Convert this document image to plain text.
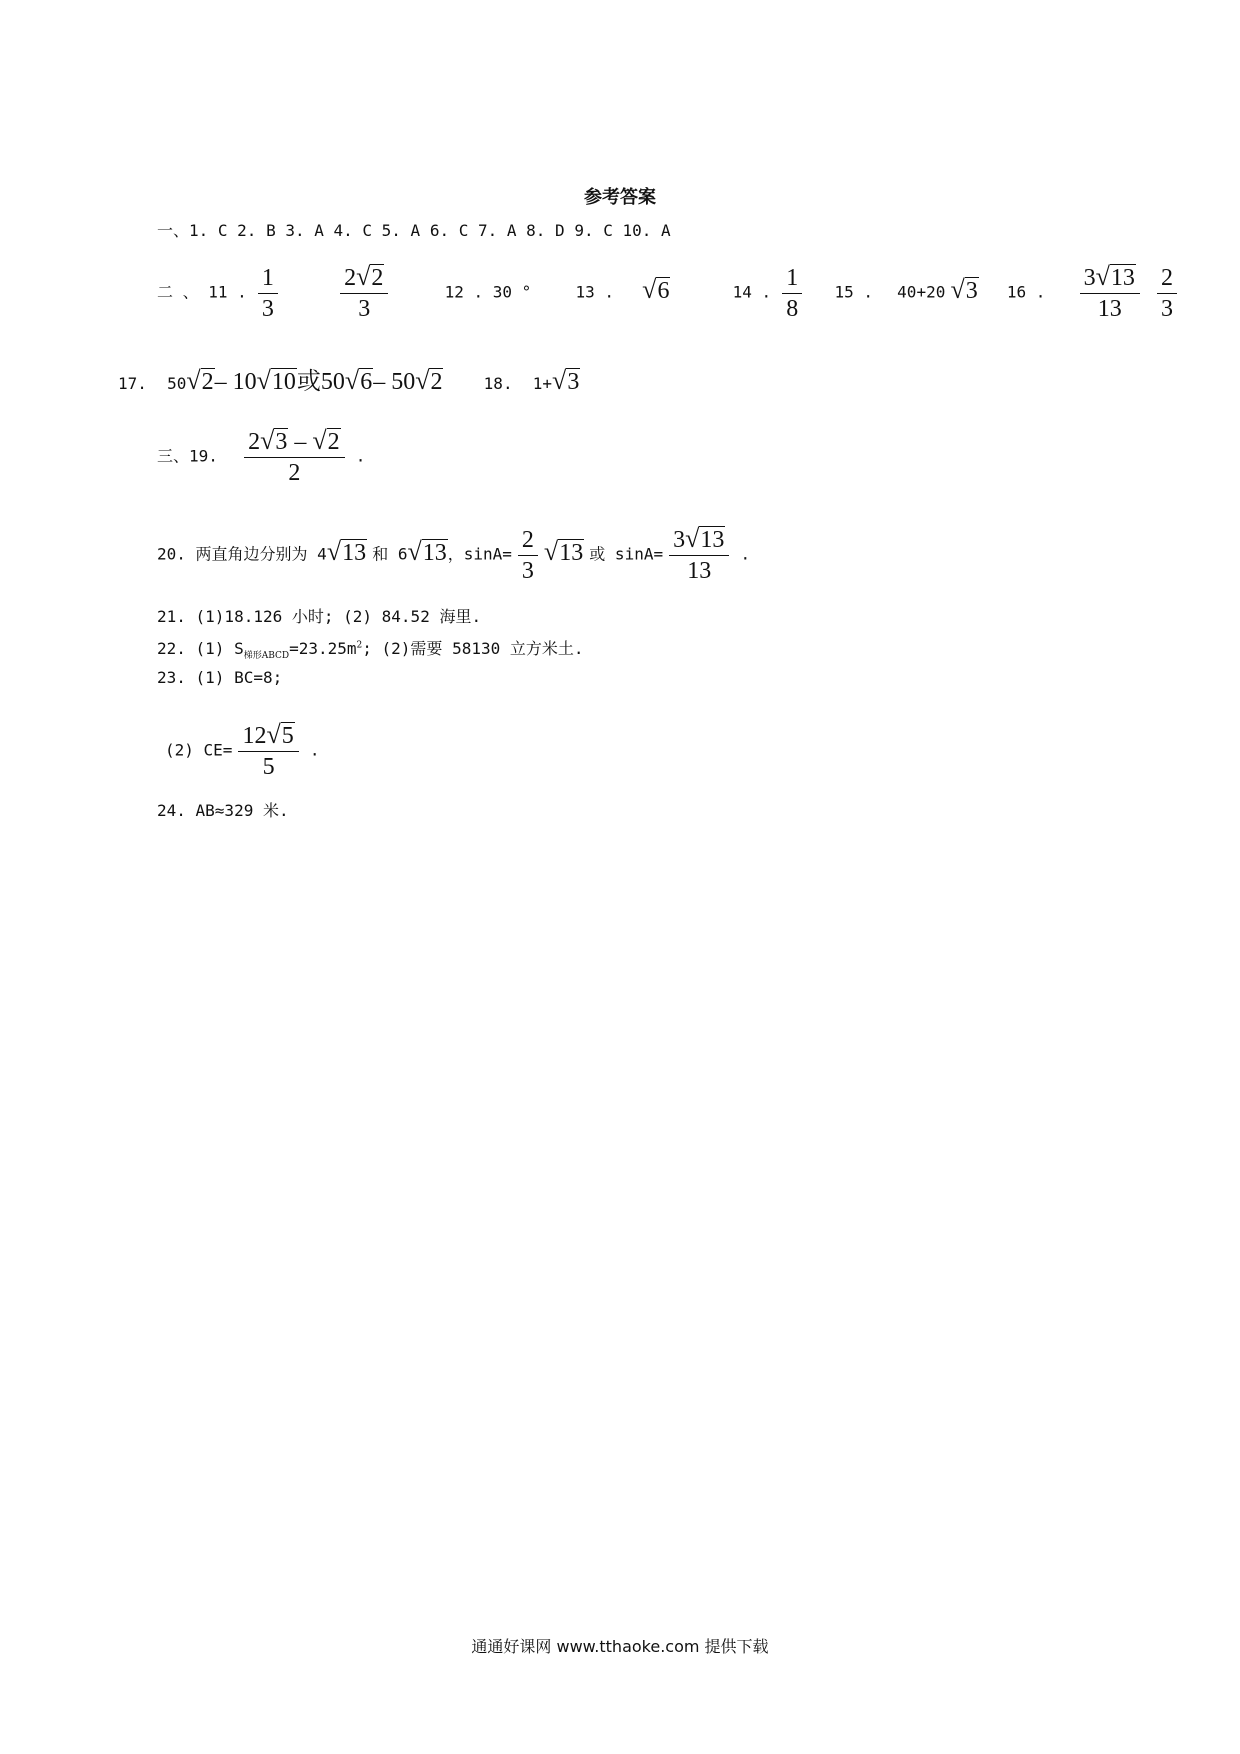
参考答案
一、1. C 2. B 3. A 4. C 5. A 6. C 7. A 8. D 9. C 10. A
二 、 11 . $\frac{1}{3}$
	$\frac{2√2}{3}$	12 . 30 °	13 . √6	14 . $\frac{1}{8} 15$ . 40+20 √3 16 . $\frac{3√13}{13}$
$\frac{2}{3}$
17. 50√2– 10√10或50√6– 50√2	18. 1+√3
三、19. $\frac{2√3 - √2}{2}$ .
20. 两直角边分别为 4√13 和 6√13，$\sin A= \frac{2}{3} √13$ 或 $\sin A= \frac{3√13}{13}$ .
21. (1)18.126 小时; (2) 84.52 海里.
22. (1) $S_{梯形ABCD}=23.25m^2$; (2)需要 58130 立方米土.
23. (1) BC=8;
(2) $CE= \frac{12√5}{5}$ .
24. AB≈329 米.
通通好课网 www.tthaoke.com 提供下载
